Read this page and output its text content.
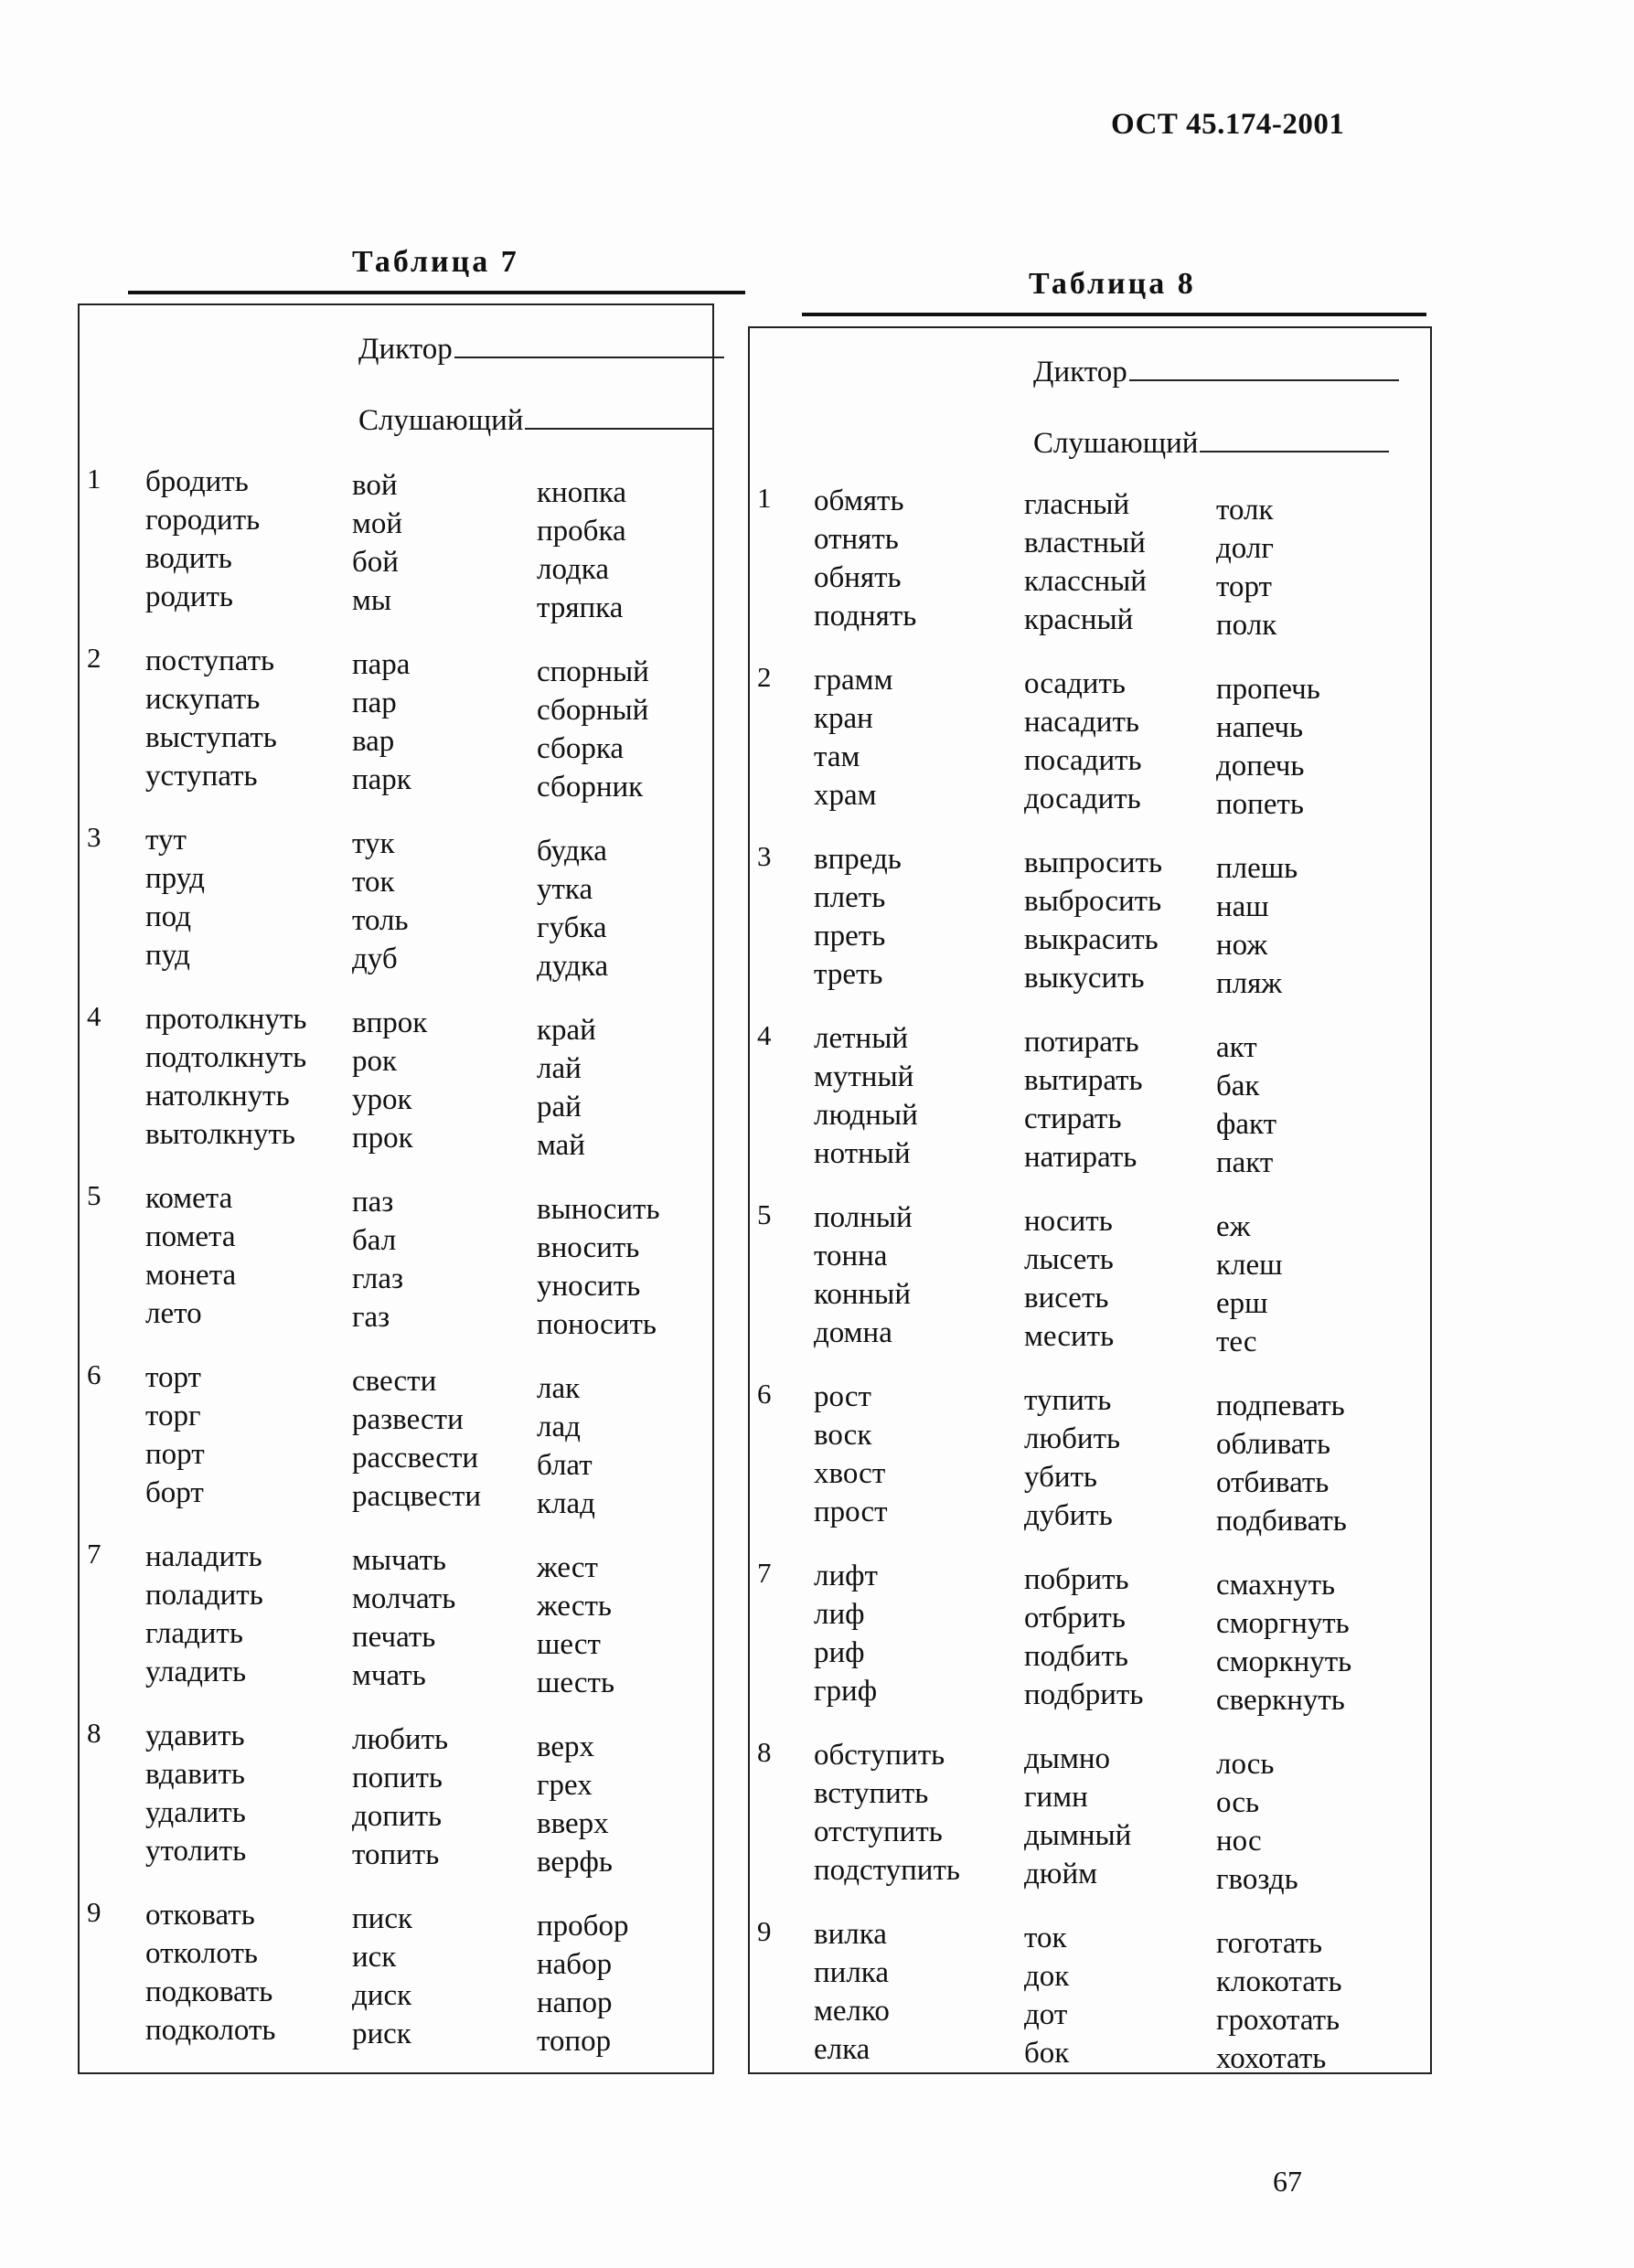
ОСТ 45.174-2001
Таблица 7
Диктор
Слушающий
1 бродить
городить
водить
родить
вой
мой
бой
мы
кнопка
пробка
лодка
тряпка
2 поступать
искупать
выступать
уступать
пара
пар
вар
парк
спорный
сборный
сборка
сборник
3 тут
пруд
под
пуд
тук
ток
толь
дуб
будка
утка
губка
дудка
4 протолкнуть
подтолкнуть
натолкнуть
вытолкнуть
впрок
рок
урок
прок
край
лай
рай
май
5 комета
помета
монета
лето
паз
бал
глаз
газ
выносить
вносить
уносить
поносить
6 торт
торг
порт
борт
свести
развести
рассвести
расцвести
лак
лад
блат
клад
7 наладить
поладить
гладить
уладить
мычать
молчать
печать
мчать
жест
жесть
шест
шесть
8 удавить
вдавить
удалить
утолить
любить
попить
допить
топить
верх
грех
вверх
верфь
9 отковать
отколоть
подковать
подколоть
писк
иск
диск
риск
пробор
набор
напор
топор
Таблица 8
Диктор
Слушающий
1 обмять
отнять
обнять
поднять
гласный
властный
классный
красный
толк
долг
торт
полк
2 грамм
кран
там
храм
осадить
насадить
посадить
досадить
пропечь
напечь
допечь
попеть
3 впредь
плеть
преть
треть
выпросить
выбросить
выкрасить
выкусить
плешь
наш
нож
пляж
4 летный
мутный
людный
нотный
потирать
вытирать
стирать
натирать
акт
бак
факт
пакт
5 полный
тонна
конный
домна
носить
лысеть
висеть
месить
еж
клеш
ерш
тес
6 рост
воск
хвост
прост
тупить
любить
убить
дубить
подпевать
обливать
отбивать
подбивать
7 лифт
лиф
риф
гриф
побрить
отбрить
подбить
подбрить
смахнуть
сморгнуть
сморкнуть
сверкнуть
8 обступить
вступить
отступить
подступить
дымно
гимн
дымный
дюйм
лось
ось
нос
гвоздь
9 вилка
пилка
мелко
елка
ток
док
дот
бок
гоготать
клокотать
грохотать
хохотать
67
